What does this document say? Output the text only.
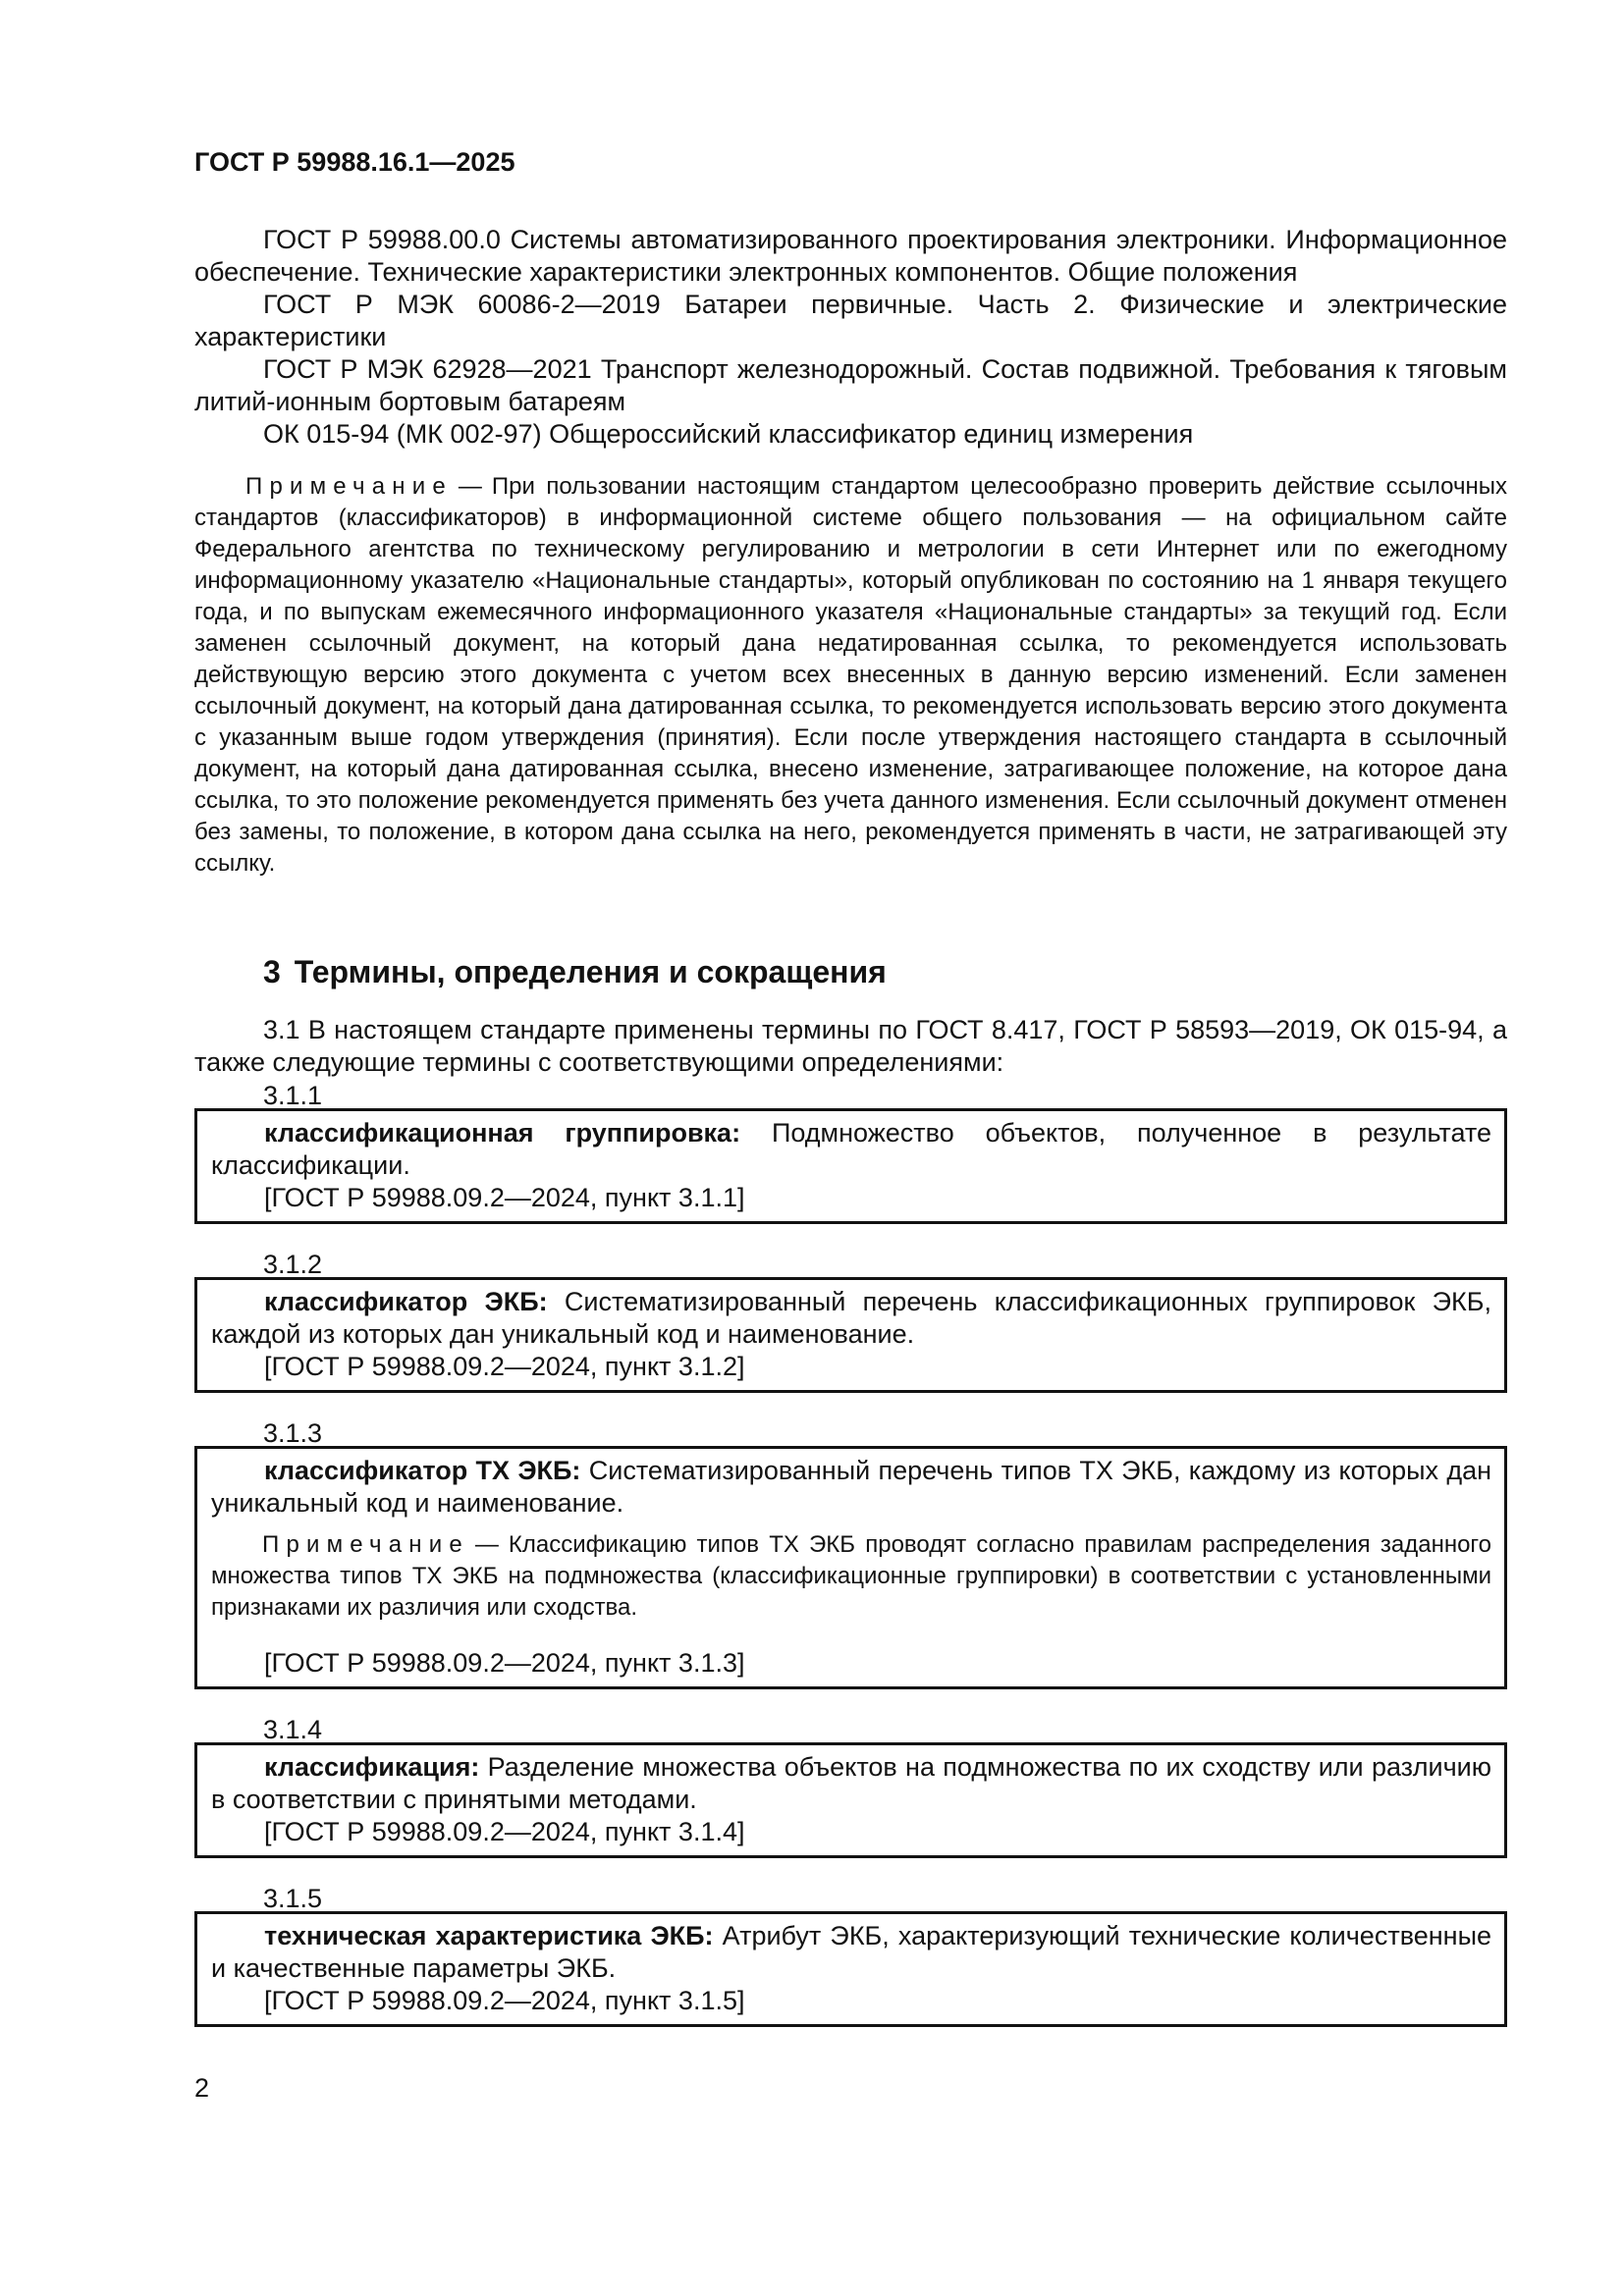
ГОСТ Р 59988.16.1—2025

ГОСТ Р 59988.00.0 Системы автоматизированного проектирования электроники. Информационное обеспечение. Технические характеристики электронных компонентов. Общие положения

ГОСТ Р МЭК 60086-2—2019 Батареи первичные. Часть 2. Физические и электрические характеристики

ГОСТ Р МЭК 62928—2021 Транспорт железнодорожный. Состав подвижной. Требования к тяговым литий-ионным бортовым батареям

ОК 015-94 (МК 002-97) Общероссийский классификатор единиц измерения

Примечание — При пользовании настоящим стандартом целесообразно проверить действие ссылочных стандартов (классификаторов) в информационной системе общего пользования — на официальном сайте Федерального агентства по техническому регулированию и метрологии в сети Интернет или по ежегодному информационному указателю «Национальные стандарты», который опубликован по состоянию на 1 января текущего года, и по выпускам ежемесячного информационного указателя «Национальные стандарты» за текущий год. Если заменен ссылочный документ, на который дана недатированная ссылка, то рекомендуется использовать действующую версию этого документа с учетом всех внесенных в данную версию изменений. Если заменен ссылочный документ, на который дана датированная ссылка, то рекомендуется использовать версию этого документа с указанным выше годом утверждения (принятия). Если после утверждения настоящего стандарта в ссылочный документ, на который дана датированная ссылка, внесено изменение, затрагивающее положение, на которое дана ссылка, то это положение рекомендуется применять без учета данного изменения. Если ссылочный документ отменен без замены, то положение, в котором дана ссылка на него, рекомендуется применять в части, не затрагивающей эту ссылку.

3 Термины, определения и сокращения

3.1 В настоящем стандарте применены термины по ГОСТ 8.417, ГОСТ Р 58593—2019, ОК 015-94, а также следующие термины с соответствующими определениями:

3.1.1

классификационная группировка: Подмножество объектов, полученное в результате классификации.

[ГОСТ Р 59988.09.2—2024, пункт 3.1.1]

3.1.2

классификатор ЭКБ: Систематизированный перечень классификационных группировок ЭКБ, каждой из которых дан уникальный код и наименование.

[ГОСТ Р 59988.09.2—2024, пункт 3.1.2]

3.1.3

классификатор ТХ ЭКБ: Систематизированный перечень типов ТХ ЭКБ, каждому из которых дан уникальный код и наименование.

Примечание — Классификацию типов ТХ ЭКБ проводят согласно правилам распределения заданного множества типов ТХ ЭКБ на подмножества (классификационные группировки) в соответствии с установленными признаками их различия или сходства.

[ГОСТ Р 59988.09.2—2024, пункт 3.1.3]

3.1.4

классификация: Разделение множества объектов на подмножества по их сходству или различию в соответствии с принятыми методами.

[ГОСТ Р 59988.09.2—2024, пункт 3.1.4]

3.1.5

техническая характеристика ЭКБ: Атрибут ЭКБ, характеризующий технические количественные и качественные параметры ЭКБ.

[ГОСТ Р 59988.09.2—2024, пункт 3.1.5]

2
